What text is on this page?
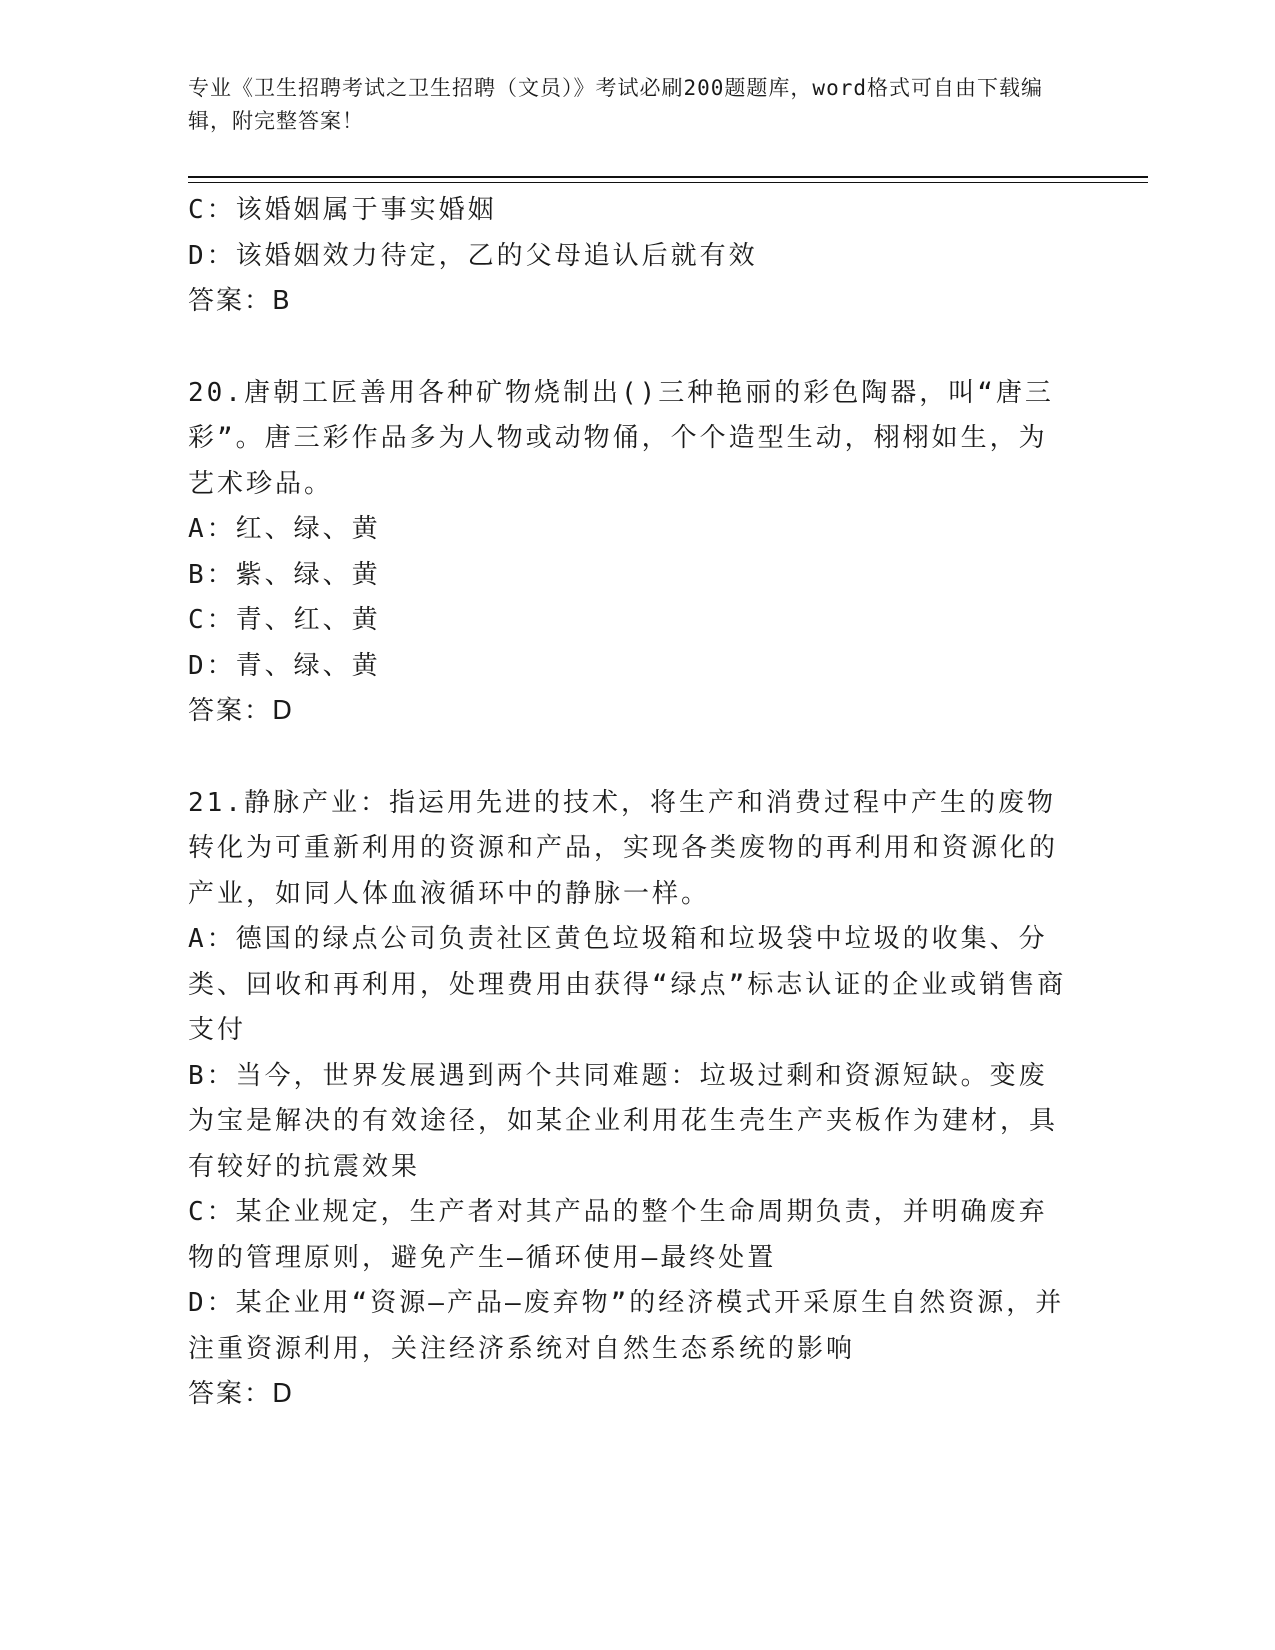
专业《卫生招聘考试之卫生招聘（文员）》考试必刷200题题库，word格式可自由下载编辑，附完整答案！

C：该婚姻属于事实婚姻

D：该婚姻效力待定，乙的父母追认后就有效

答案：B

20.唐朝工匠善用各种矿物烧制出()三种艳丽的彩色陶器，叫“唐三彩”。唐三彩作品多为人物或动物俑，个个造型生动，栩栩如生，为艺术珍品。

A：红、绿、黄

B：紫、绿、黄

C：青、红、黄

D：青、绿、黄

答案：D

21.静脉产业：指运用先进的技术，将生产和消费过程中产生的废物转化为可重新利用的资源和产品，实现各类废物的再利用和资源化的产业，如同人体血液循环中的静脉一样。

A：德国的绿点公司负责社区黄色垃圾箱和垃圾袋中垃圾的收集、分类、回收和再利用，处理费用由获得“绿点”标志认证的企业或销售商支付

B：当今，世界发展遇到两个共同难题：垃圾过剩和资源短缺。变废为宝是解决的有效途径，如某企业利用花生壳生产夹板作为建材，具有较好的抗震效果

C：某企业规定，生产者对其产品的整个生命周期负责，并明确废弃物的管理原则，避免产生—循环使用—最终处置

D：某企业用“资源—产品—废弃物”的经济模式开采原生自然资源，并注重资源利用，关注经济系统对自然生态系统的影响

答案：D
